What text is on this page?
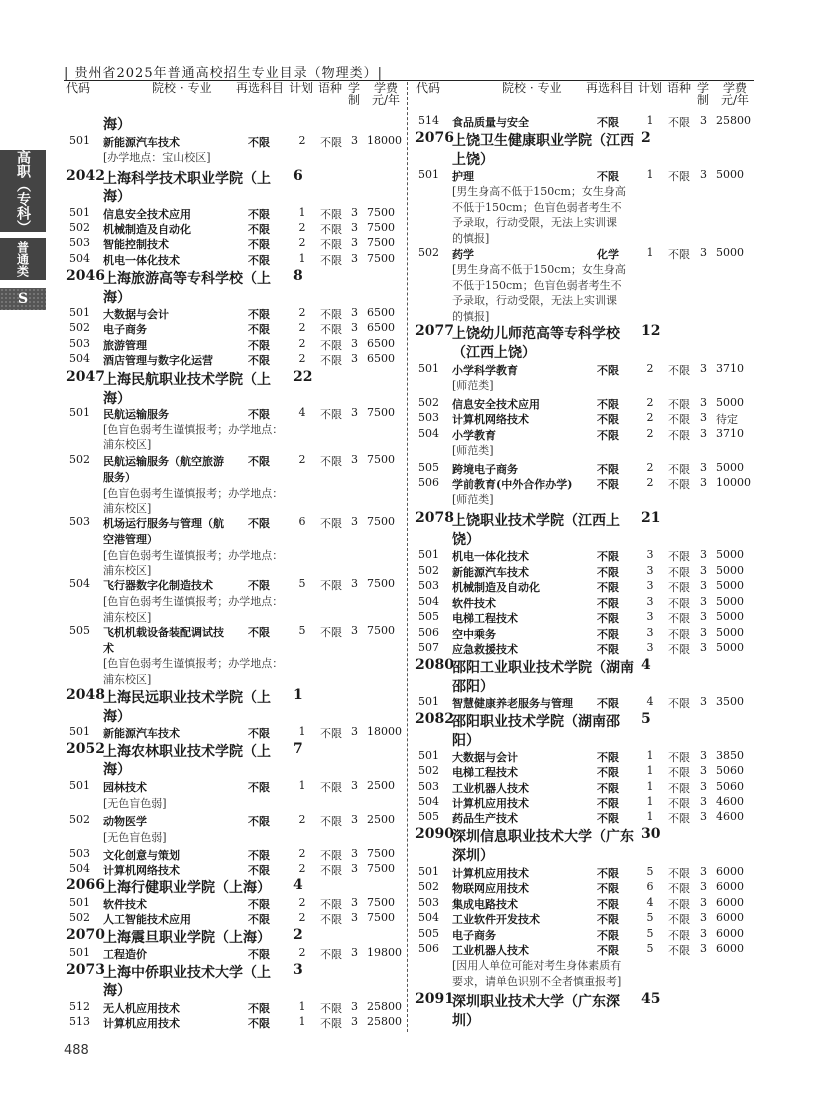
| 贵州省2025年普通高校招生专业目录（物理类）|
高职（专科）
普通类
S
代码	院校 · 专业 再选科目 计划 语种 学
制
学费
元/年
代码	院校 · 专业 再选科目 计划 语种 学
制
学费
元/年
海）
501 新能源汽车技术	不限	2	不限 3 18000
[办学地点：宝山校区]
2042
上海科学技术职业学院（上 6
海）
501 信息安全技术应用	不限	1	不限 3 7500
502 机械制造及自动化	不限	2	不限 3 7500
503 智能控制技术	不限	2	不限 3 7500
504 机电一体化技术	不限	1	不限 3 7500
2046
上海旅游高等专科学校（上 8
海）
501 大数据与会计	不限	2	不限 3 6500
502 电子商务	不限	2	不限 3 6500
503 旅游管理	不限	2	不限 3 6500
504 酒店管理与数字化运营	不限	2	不限 3 6500
2047
上海民航职业技术学院（上 22
海）
501 民航运输服务	不限	4	不限 3 7500
[色盲色弱考生谨慎报考；办学地点：
浦东校区]
502 民航运输服务（航空旅游 不限	2	不限 3 7500
服务）
[色盲色弱考生谨慎报考；办学地点：
浦东校区]
503 机场运行服务与管理（航 不限	6	不限 3 7500
空港管理）
[色盲色弱考生谨慎报考；办学地点：
浦东校区]
504 飞行器数字化制造技术	不限	5	不限 3 7500
[色盲色弱考生谨慎报考；办学地点：
浦东校区]
505 飞机机载设备装配调试技 不限	5	不限 3 7500
术
[色盲色弱考生谨慎报考；办学地点：
浦东校区]
2048
上海民远职业技术学院（上 1
海）
501 新能源汽车技术	不限	1	不限 3 18000
2052
上海农林职业技术学院（上 7
海）
501 园林技术	不限	1	不限 3 2500
[无色盲色弱]
502 动物医学	不限	2	不限 3 2500
[无色盲色弱]
503 文化创意与策划	不限	2	不限 3 7500
504 计算机网络技术	不限	2	不限 3 7500
2066
上海行健职业学院（上海） 4
501 软件技术	不限	2	不限 3 7500
502 人工智能技术应用	不限	2	不限 3 7500
2070
上海震旦职业学院（上海） 2
501 工程造价	不限	2	不限 3 19800
2073
上海中侨职业技术大学（上 3
海）
512 无人机应用技术	不限	1	不限 3 25800
513 计算机应用技术	不限	1	不限 3 25800
514 食品质量与安全	不限	1	不限 3 25800
2076
上饶卫生健康职业学院（江西 2
上饶）
501 护理	不限	1	不限 3 5000
[男生身高不低于150cm；女生身高
不低于150cm；色盲色弱者考生不
予录取，行动受限，无法上实训课
的慎报]
502 药学	化学	1	不限 3 5000
[男生身高不低于150cm；女生身高
不低于150cm；色盲色弱者考生不
予录取，行动受限，无法上实训课
的慎报]
2077
上饶幼儿师范高等专科学校 12
（江西上饶）
501 小学科学教育	不限	2	不限 3 3710
[师范类]
502 信息安全技术应用	不限	2	不限 3 5000
503 计算机网络技术	不限	2	不限 3 待定
504 小学教育	不限	2	不限 3 3710
[师范类]
505 跨境电子商务	不限	2	不限 3 5000
506 学前教育(中外合作办学) 不限	2	不限 3 10000
[师范类]
2078
上饶职业技术学院（江西上 21
饶）
501 机电一体化技术	不限	3	不限 3 5000
502 新能源汽车技术	不限	3	不限 3 5000
503 机械制造及自动化	不限	3	不限 3 5000
504 软件技术	不限	3	不限 3 5000
505 电梯工程技术	不限	3	不限 3 5000
506 空中乘务	不限	3	不限 3 5000
507 应急救援技术	不限	3	不限 3 5000
2080
邵阳工业职业技术学院（湖南 4
邵阳）
501 智慧健康养老服务与管理 不限	4	不限 3 3500
2082
邵阳职业技术学院（湖南邵 5
阳）
501 大数据与会计	不限	1	不限 3 3850
502 电梯工程技术	不限	1	不限 3 5060
503 工业机器人技术	不限	1	不限 3 5060
504 计算机应用技术	不限	1	不限 3 4600
505 药品生产技术	不限	1	不限 3 4600
2090
深圳信息职业技术大学（广东 30
深圳）
501 计算机应用技术	不限	5	不限 3 6000
502 物联网应用技术	不限	6	不限 3 6000
503 集成电路技术	不限	4	不限 3 6000
504 工业软件开发技术	不限	5	不限 3 6000
505 电子商务	不限	5	不限 3 6000
506 工业机器人技术	不限	5	不限 3 6000
[因用人单位可能对考生身体素质有
要求，请单色识别不全者慎重报考]
2091
深圳职业技术大学（广东深 45
圳）
488
